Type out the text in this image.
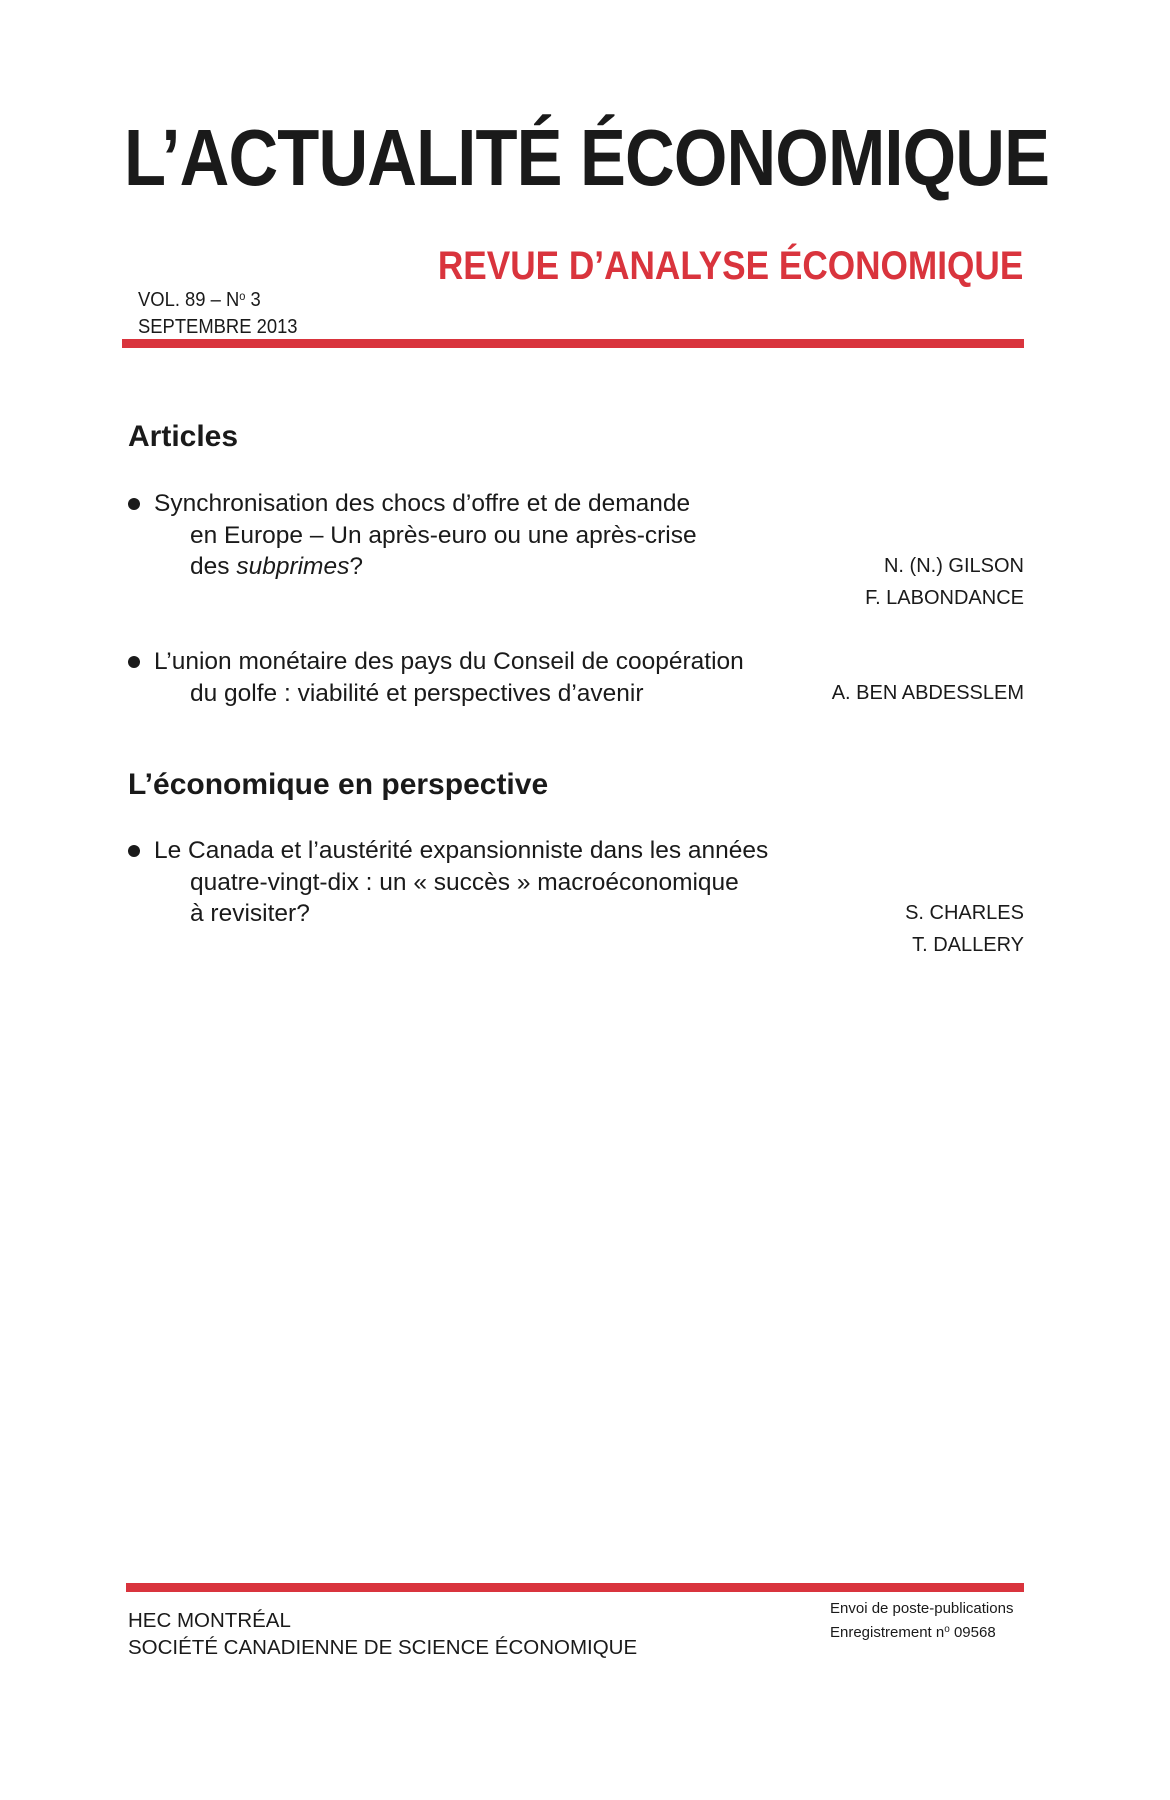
L’ACTUALITÉ ÉCONOMIQUE
REVUE D’ANALYSE ÉCONOMIQUE
VOL. $89 - N^o$ 3
SEPTEMBRE 2013
Articles
Synchronisation des chocs d’offre et de demande
en Europe – Un après-euro ou une après-crise
des subprimes?	N. (N.) GILSON
F. LABONDANCE
L’union monétaire des pays du Conseil de coopération
du golfe : viabilité et perspectives d’avenir	A. BEN ABDESSLEM
L’économique en perspective
Le Canada et l’austérité expansionniste dans les années
quatre-vingt-dix : un « succès » macroéconomique
à revisiter?	S. CHARLES
T. DALLERY
HEC MONTRÉAL
SOCIÉTÉ CANADIENNE DE SCIENCE ÉCONOMIQUE
Envoi de poste-publications
Enregistrement $n^o$ 09568
